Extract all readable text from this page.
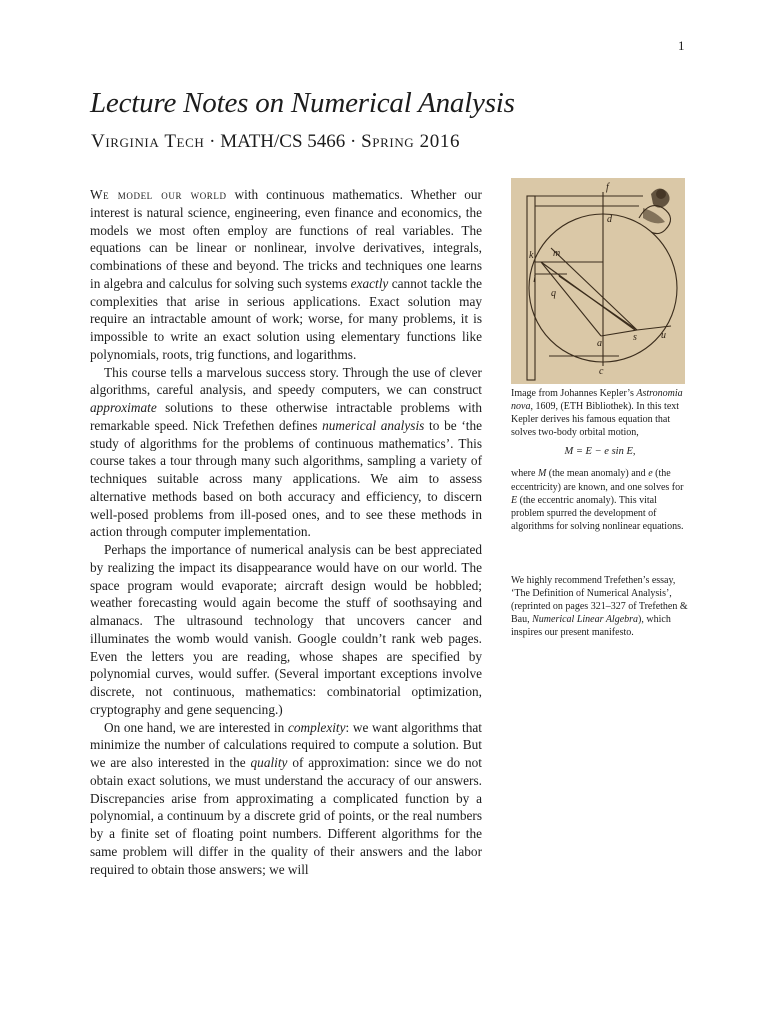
1
Lecture Notes on Numerical Analysis
Virginia Tech · MATH/CS 5466 · Spring 2016

We model our world with continuous mathematics. Whether our interest is natural science, engineering, even finance and economics, the models we most often employ are functions of real variables. The equations can be linear or nonlinear, involve derivatives, integrals, combinations of these and beyond. The tricks and techniques one learns in algebra and calculus for solving such systems exactly cannot tackle the complexities that arise in serious applications. Exact solution may require an intractable amount of work; worse, for many problems, it is impossible to write an exact solution using elementary functions like polynomials, roots, trig functions, and logarithms.

This course tells a marvelous success story. Through the use of clever algorithms, careful analysis, and speedy computers, we can construct approximate solutions to these otherwise intractable problems with remarkable speed. Nick Trefethen defines numerical analysis to be ‘the study of algorithms for the problems of continuous mathematics’. This course takes a tour through many such algorithms, sampling a variety of techniques suitable across many applications. We aim to assess alternative methods based on both accuracy and efficiency, to discern well-posed problems from ill-posed ones, and to see these methods in action through computer implementation.

Perhaps the importance of numerical analysis can be best appreciated by realizing the impact its disappearance would have on our world. The space program would evaporate; aircraft design would be hobbled; weather forecasting would again become the stuff of soothsaying and almanacs. The ultrasound technology that uncovers cancer and illuminates the womb would vanish. Google couldn’t rank web pages. Even the letters you are reading, whose shapes are specified by polynomial curves, would suffer. (Several important exceptions involve discrete, not continuous, mathematics: combinatorial optimization, cryptography and gene sequencing.)

On one hand, we are interested in complexity: we want algorithms that minimize the number of calculations required to compute a solution. But we are also interested in the quality of approximation: since we do not obtain exact solutions, we must understand the accuracy of our answers. Discrepancies arise from approximating a complicated function by a polynomial, a continuum by a discrete grid of points, or the real numbers by a finite set of floating point numbers. Different algorithms for the same problem will differ in the quality of their answers and the labor required to obtain those answers; we will

f
d
k m
l
q
a
s u
c

Image from Johannes Kepler’s Astronomia nova, 1609, (ETH Bibliothek). In this text Kepler derives his famous equation that solves two-body orbital motion,

M = E − e sin E,

where M (the mean anomaly) and e (the eccentricity) are known, and one solves for E (the eccentric anomaly). This vital problem spurred the development of algorithms for solving nonlinear equations.

We highly recommend Trefethen’s essay, ‘The Definition of Numerical Analysis’, (reprinted on pages 321–327 of Trefethen & Bau, Numerical Linear Algebra), which inspires our present manifesto.
